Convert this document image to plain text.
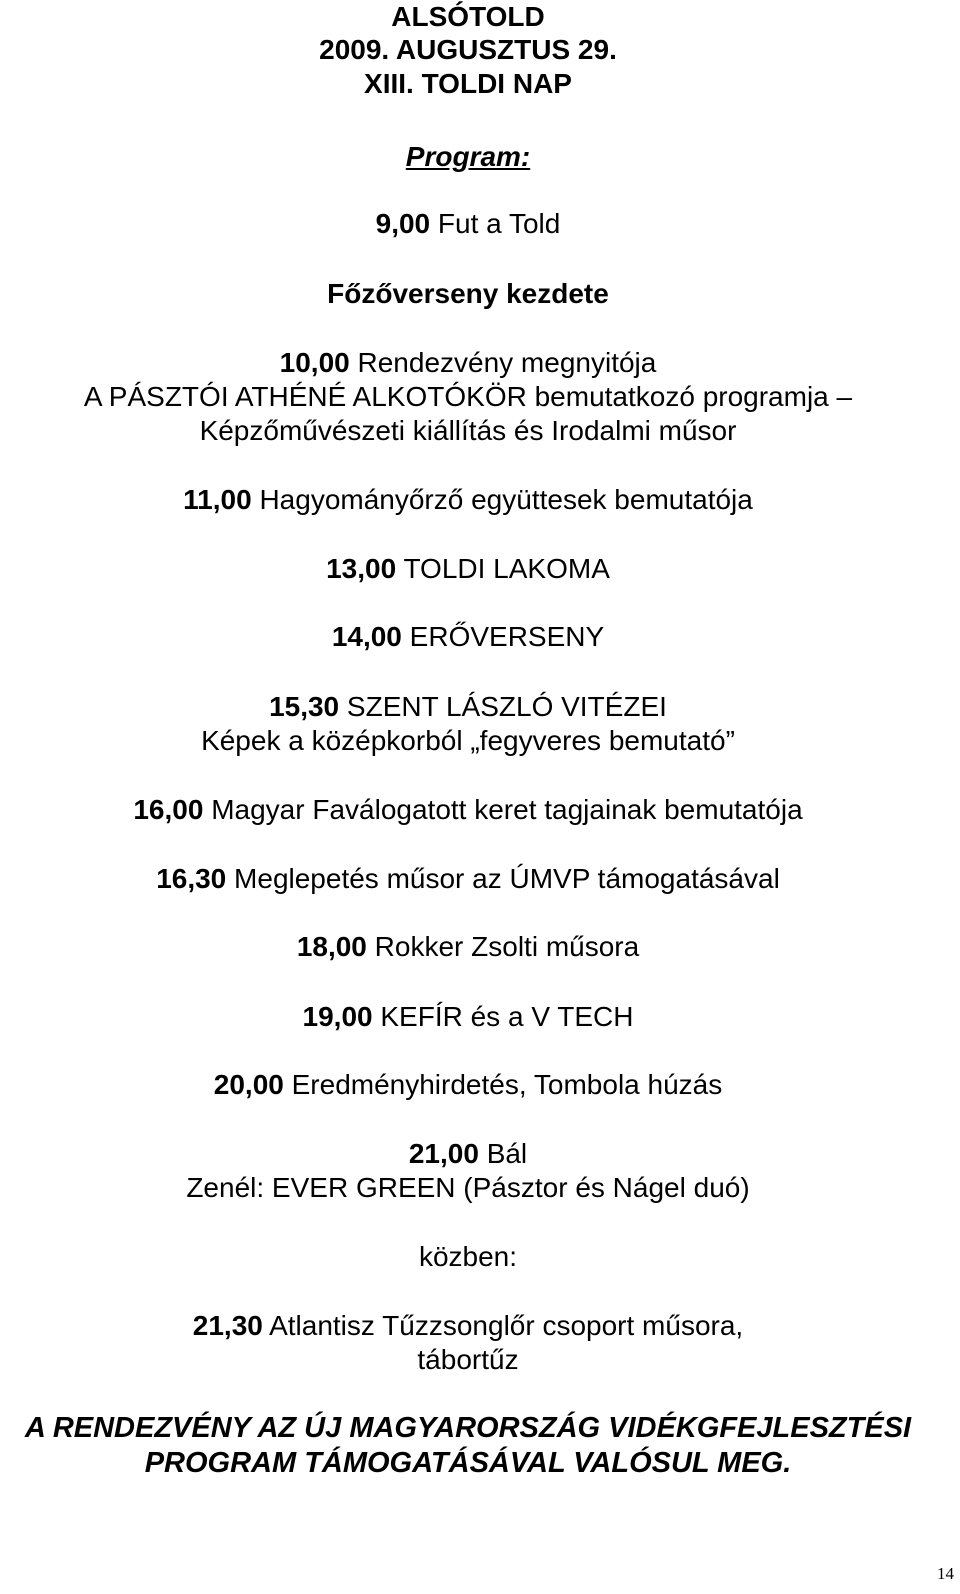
ALSÓTOLD
2009. AUGUSZTUS 29.
XIII. TOLDI NAP
Program:
9,00 Fut a Told
Főzőverseny kezdete
10,00 Rendezvény megnyitója
A PÁSZTÓI ATHÉNÉ ALKOTÓKÖR bemutatkozó programja –
Képzőművészeti kiállítás és Irodalmi műsor
11,00 Hagyományőrző együttesek bemutatója
13,00 TOLDI LAKOMA
14,00 ERŐVERSENY
15,30 SZENT LÁSZLÓ VITÉZEI
Képek a középkorból „fegyveres bemutató”
16,00 Magyar Faválogatott keret tagjainak bemutatója
16,30 Meglepetés műsor az ÚMVP támogatásával
18,00 Rokker Zsolti műsora
19,00 KEFÍR és a V TECH
20,00 Eredményhirdetés, Tombola húzás
21,00 Bál
Zenél: EVER GREEN (Pásztor és Nágel duó)
közben:
21,30 Atlantisz Tűzzsonglőr csoport műsora,
tábortűz
A RENDEZVÉNY AZ ÚJ MAGYARORSZÁG VIDÉKGFEJLESZTÉSI
PROGRAM TÁMOGATÁSÁVAL VALÓSUL MEG.
14
